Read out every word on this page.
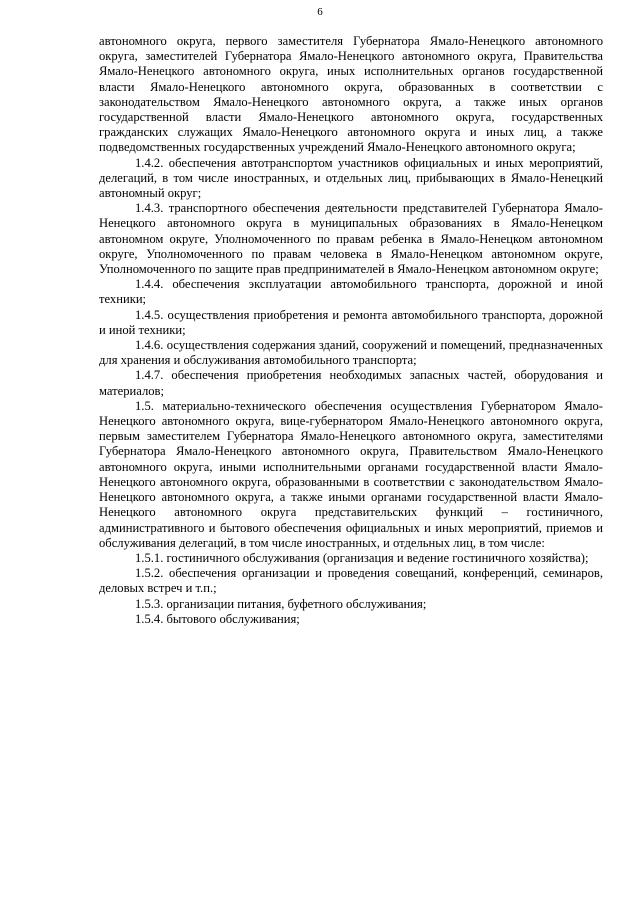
6

автономного округа, первого заместителя Губернатора Ямало-Ненецкого автономного округа, заместителей Губернатора Ямало-Ненецкого автономного округа, Правительства Ямало-Ненецкого автономного округа, иных исполнительных органов государственной власти Ямало-Ненецкого автономного округа, образованных в соответствии с законодательством Ямало-Ненецкого автономного округа, а также иных органов государственной власти Ямало-Ненецкого автономного округа, государственных гражданских служащих Ямало-Ненецкого автономного округа и иных лиц, а также подведомственных государственных учреждений Ямало-Ненецкого автономного округа;

1.4.2. обеспечения автотранспортом участников официальных и иных мероприятий, делегаций, в том числе иностранных, и отдельных лиц, прибывающих в Ямало-Ненецкий автономный округ;

1.4.3. транспортного обеспечения деятельности представителей Губернатора Ямало-Ненецкого автономного округа в муниципальных образованиях в Ямало-Ненецком автономном округе, Уполномоченного по правам ребенка в Ямало-Ненецком автономном округе, Уполномоченного по правам человека в Ямало-Ненецком автономном округе, Уполномоченного по защите прав предпринимателей в Ямало-Ненецком автономном округе;

1.4.4. обеспечения эксплуатации автомобильного транспорта, дорожной и иной техники;

1.4.5. осуществления приобретения и ремонта автомобильного транспорта, дорожной и иной техники;

1.4.6. осуществления содержания зданий, сооружений и помещений, предназначенных для хранения и обслуживания автомобильного транспорта;

1.4.7. обеспечения приобретения необходимых запасных частей, оборудования и материалов;

1.5. материально-технического обеспечения осуществления Губернатором Ямало-Ненецкого автономного округа, вице-губернатором Ямало-Ненецкого автономного округа, первым заместителем Губернатора Ямало-Ненецкого автономного округа, заместителями Губернатора Ямало-Ненецкого автономного округа, Правительством Ямало-Ненецкого автономного округа, иными исполнительными органами государственной власти Ямало-Ненецкого автономного округа, образованными в соответствии с законодательством Ямало-Ненецкого автономного округа, а также иными органами государственной власти Ямало-Ненецкого автономного округа представительских функций – гостиничного, административного и бытового обеспечения официальных и иных мероприятий, приемов и обслуживания делегаций, в том числе иностранных, и отдельных лиц, в том числе:

1.5.1. гостиничного обслуживания (организация и ведение гостиничного хозяйства);

1.5.2. обеспечения организации и проведения совещаний, конференций, семинаров, деловых встреч и т.п.;

1.5.3. организации питания, буфетного обслуживания;

1.5.4. бытового обслуживания;
